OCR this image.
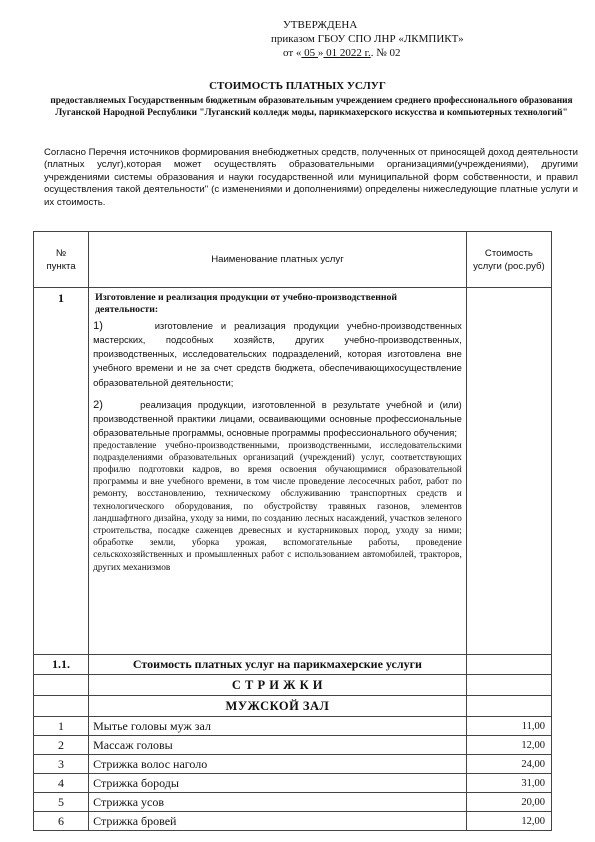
УТВЕРЖДЕНА
приказом ГБОУ СПО ЛНР «ЛКМПИКТ»
от « 05 » 01 2022 г.. № 02
СТОИМОСТЬ ПЛАТНЫХ УСЛУГ
предоставляемых Государственным бюджетным образовательным учреждением среднего профессионального образования Луганской Народной Республики "Луганский колледж моды, парикмахерского искусства и компьютерных технологий"
Согласно Перечня источников формирования внебюджетных средств, полученных от приносящей доход деятельности (платных услуг),которая может осуществлять образовательными организациями(учреждениями), другими учреждениями системы образования и науки государственной или муниципальной форм собственности, и правил осуществления такой деятельности" (с изменениями и дополнениями) определены нижеследующие платные услуги и их стоимость.
№ пункта	Наименование платных услуг	Стоимость услуги (рос.руб)
1	Изготовление и реализация продукции от учебно-производственной деятельности:
1) изготовление и реализация продукции учебно-производственных мастерских, подсобных хозяйств, других учебно-производственных, производственных, исследовательских подразделений, которая изготовлена вне учебного времени и не за счет средств бюджета, обеспечивающихосуществление образовательной деятельности;
2) реализация продукции, изготовленной в результате учебной и (или) производственной практики лицами, осваивающими основные профессиональные образовательные программы, основные программы профессионального обучения;
предоставление учебно-производственными, производственными, исследовательскими подразделениями образовательных организаций (учреждений) услуг, соответствующих профилю подготовки кадров, во время освоения обучающимися образовательной программы и вне учебного времени, в том числе проведение лесосечных работ, работ по ремонту, восстановлению, техническому обслуживанию транспортных средств и технологического оборудования, по обустройству травяных газонов, элементов ландшафтного дизайна, уходу за ними, по созданию лесных насаждений, участков зеленого строительства, посадке саженцев древесных и кустарниковых пород, уходу за ними; обработке земли, уборка урожая, вспомогательные работы, проведение сельскохозяйственных и промышленных работ с использованием автомобилей, тракторов, других механизмов	

1.1.	Стоимость платных услуг на парикмахерские услуги	
	С Т Р И Ж К И	
	МУЖСКОЙ ЗАЛ	
1	Мытье головы муж зал	11,00
2	Массаж головы	12,00
3	Стрижка волос наголо	24,00
4	Стрижка бороды	31,00
5	Стрижка усов	20,00
6	Стрижка бровей	12,00
